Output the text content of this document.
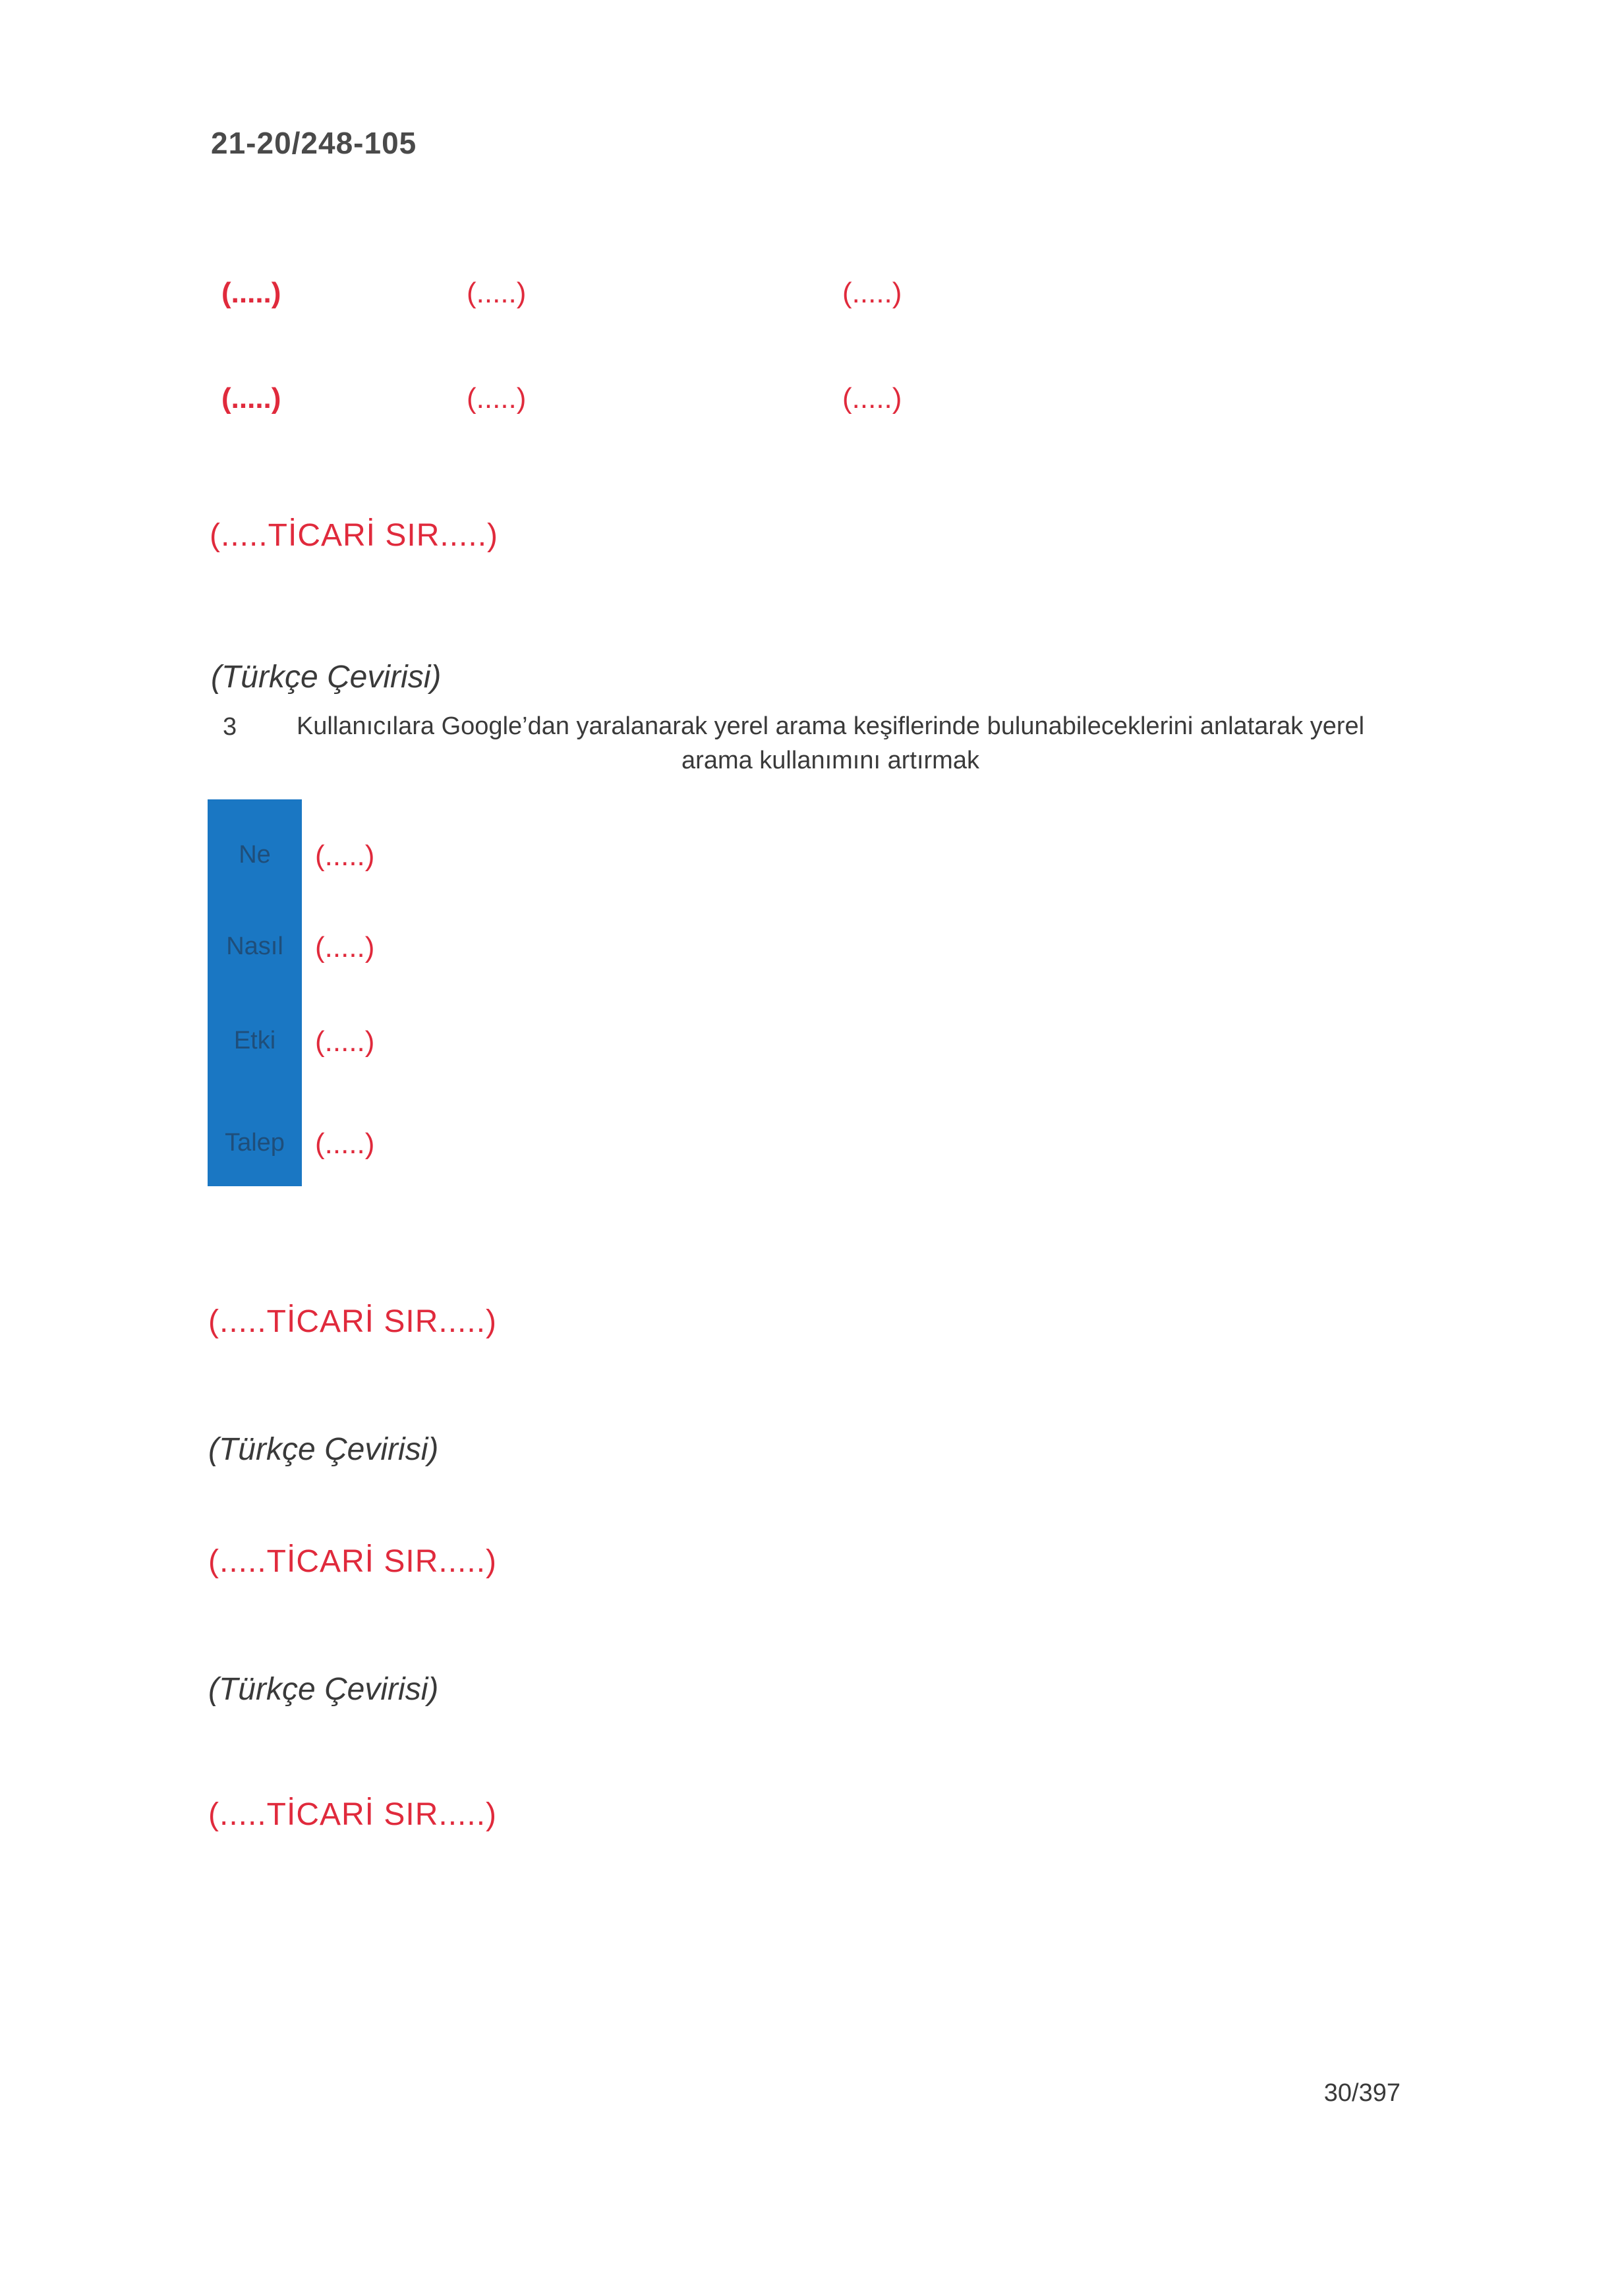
21-20/248-105
(.....)	(.....)	(.....)
(.....)	(.....)	(.....)
(.....TİCARİ SIR.....)
(Türkçe Çevirisi)
3	Kullanıcılara Google’dan yaralanarak yerel arama keşiflerinde bulunabileceklerini anlatarak yerel
arama kullanımını artırmak
Ne	(.....)
Nasıl	(.....)
Etki	(.....)
Talep	(.....)
(.....TİCARİ SIR.....)
(Türkçe Çevirisi)
(.....TİCARİ SIR.....)
(Türkçe Çevirisi)
(.....TİCARİ SIR.....)
30/397
